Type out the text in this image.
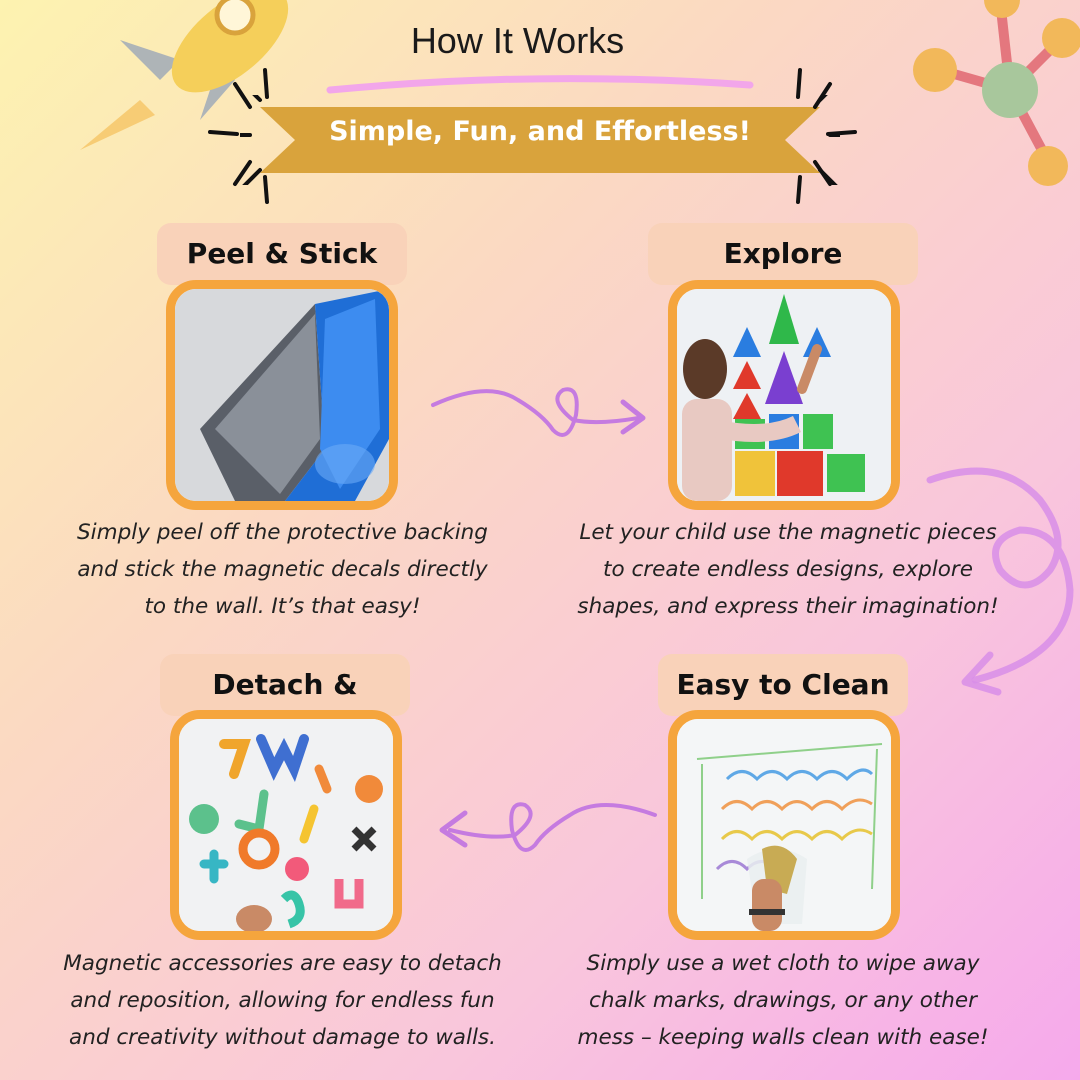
How It Works
Simple, Fun, and Effortless!
Peel & Stick
Simply peel off the protective backing
and stick the magnetic decals directly
to the wall. It’s that easy!
Explore
Let your child use the magnetic pieces
to create endless designs, explore
shapes, and express their imagination!
Detach &
Magnetic accessories are easy to detach
and reposition, allowing for endless fun
and creativity without damage to walls.
Easy to Clean
Simply use a wet cloth to wipe away
chalk marks, drawings, or any other
mess – keeping walls clean with ease!
